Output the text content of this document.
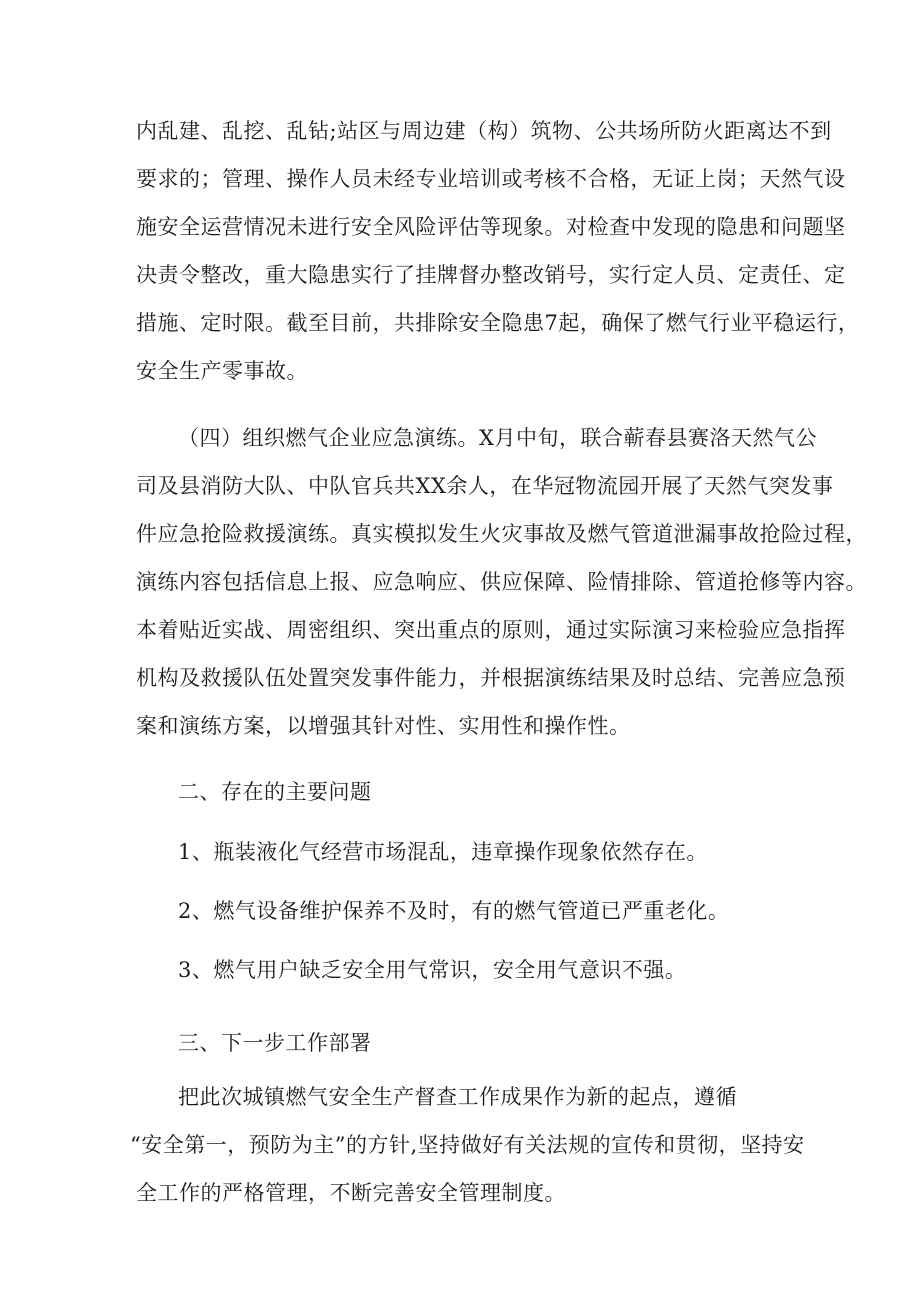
内乱建、乱挖、乱钻;站区与周边建（构）筑物、公共场所防火距离达不到
要求的；管理、操作人员未经专业培训或考核不合格，无证上岗；天然气设
施安全运营情况未进行安全风险评估等现象。对检查中发现的隐患和问题坚
决责令整改，重大隐患实行了挂牌督办整改销号，实行定人员、定责任、定
措施、定时限。截至目前，共排除安全隐患7起，确保了燃气行业平稳运行，
安全生产零事故。
（四）组织燃气企业应急演练。X月中旬，联合蕲春县赛洛天然气公
司及县消防大队、中队官兵共XX余人，在华冠物流园开展了天然气突发事
件应急抢险救援演练。真实模拟发生火灾事故及燃气管道泄漏事故抢险过程，
演练内容包括信息上报、应急响应、供应保障、险情排除、管道抢修等内容。
本着贴近实战、周密组织、突出重点的原则，通过实际演习来检验应急指挥
机构及救援队伍处置突发事件能力，并根据演练结果及时总结、完善应急预
案和演练方案，以增强其针对性、实用性和操作性。
二、存在的主要问题
1、瓶装液化气经营市场混乱，违章操作现象依然存在。
2、燃气设备维护保养不及时，有的燃气管道已严重老化。
3、燃气用户缺乏安全用气常识，安全用气意识不强。
三、下一步工作部署
把此次城镇燃气安全生产督查工作成果作为新的起点，遵循
“安全第一，预防为主”的方针,坚持做好有关法规的宣传和贯彻，坚持安
全工作的严格管理，不断完善安全管理制度。
